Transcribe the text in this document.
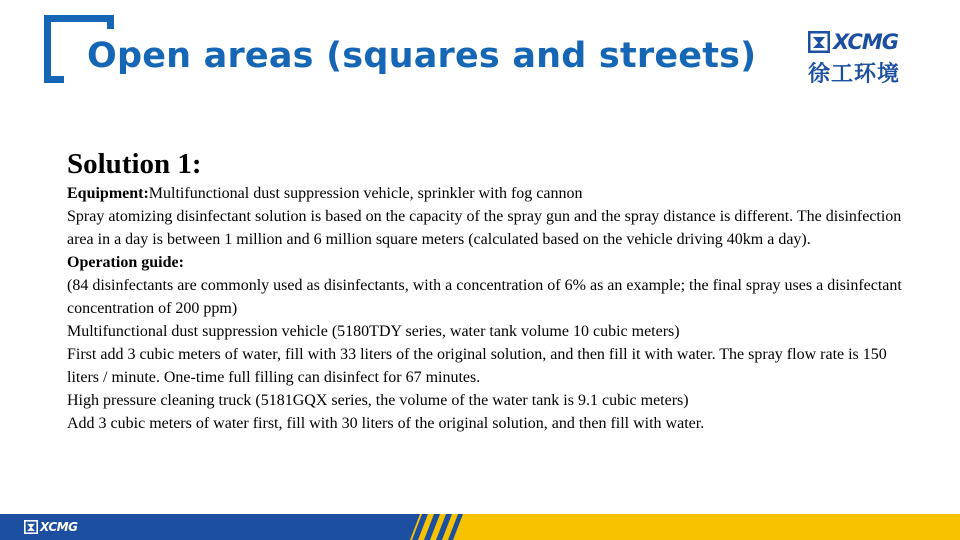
Open areas (squares and streets)	XCMG
徐工环境
Solution 1:

Equipment:Multifunctional dust suppression vehicle, sprinkler with fog cannon

Spray atomizing disinfectant solution is based on the capacity of the spray gun and the spray distance is different. The disinfection area in a day is between 1 million and 6 million square meters (calculated based on the vehicle driving 40km a day).

Operation guide:

(84 disinfectants are commonly used as disinfectants, with a concentration of 6% as an example; the final spray uses a disinfectant concentration of 200 ppm)

Multifunctional dust suppression vehicle (5180TDY series, water tank volume 10 cubic meters)

First add 3 cubic meters of water, fill with 33 liters of the original solution, and then fill it with water. The spray flow rate is 150 liters / minute. One-time full filling can disinfect for 67 minutes.

High pressure cleaning truck (5181GQX series, the volume of the water tank is 9.1 cubic meters)

Add 3 cubic meters of water first, fill with 30 liters of the original solution, and then fill with water.

XCMG
